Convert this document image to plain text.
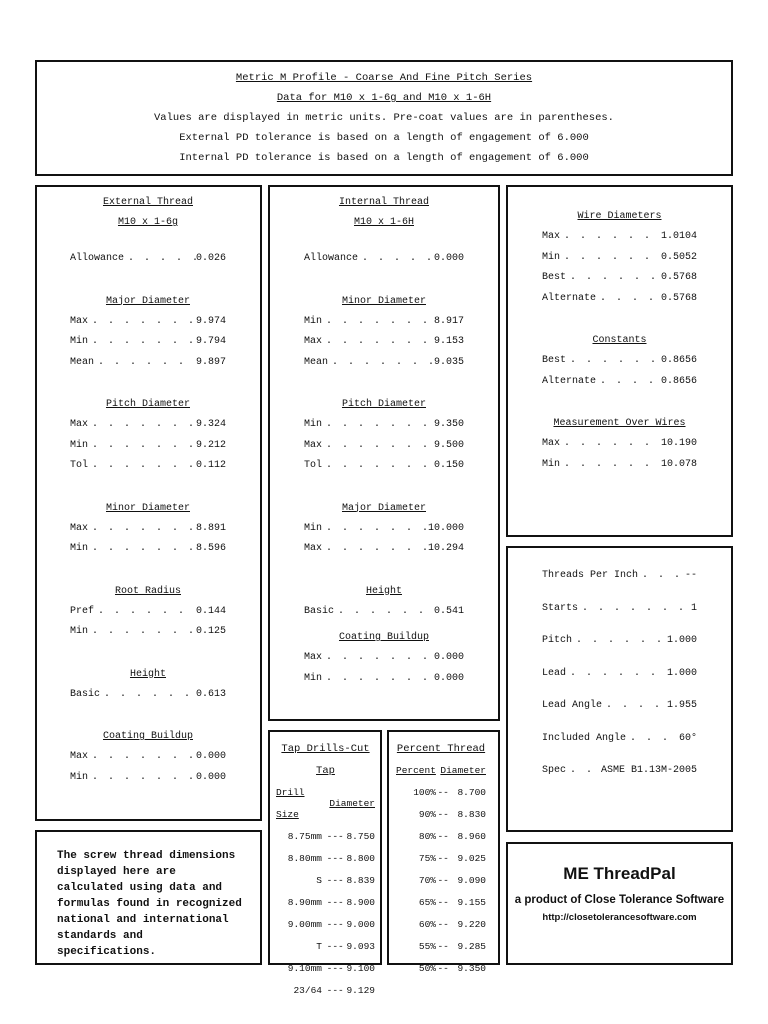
Metric M Profile - Coarse And Fine Pitch Series
Data for M10 x 1-6g and M10 x 1-6H
Values are displayed in metric units. Pre-coat values are in parentheses.
External PD tolerance is based on a length of engagement of 6.000
Internal PD tolerance is based on a length of engagement of 6.000
External Thread
M10 x 1-6g
Allowance . . .	0.026
Major Diameter
Max . . .	9.974
Min . . .	9.794
Mean . . .	9.897
Pitch Diameter
Max . . .	9.324
Min . . .	9.212
Tol . . .	0.112
Minor Diameter
Max . . .	8.891
Min . . .	8.596
Root Radius
Pref . . .	0.144
Min . . .	0.125
Height
Basic . . .	0.613
Coating Buildup
Max . . .	0.000
Min . . .	0.000
Internal Thread
M10 x 1-6H
Allowance . . .	0.000
Minor Diameter
Min . . .	8.917
Max . . .	9.153
Mean . . .	9.035
Pitch Diameter
Min . . .	9.350
Max . . .	9.500
Tol . . .	0.150
Major Diameter
Min . . .	10.000
Max . . .	10.294
Height
Basic . . .	0.541
Coating Buildup
Max . . .	0.000
Min . . .	0.000
Wire Diameters
Max . . .	1.0104
Min . . .	0.5052
Best . . .	0.5768
Alternate . . .	0.5768
Constants
Best . . .	0.8656
Alternate . . .	0.8656
Measurement Over Wires
Max . . .	10.190
Min . . .	10.078
Threads Per Inch . . .	--
Starts . . .	1
Pitch . . .	1.000
Lead . . .	1.000
Lead Angle . . .	1.955
Included Angle . . .	60°
Spec . . .	ASME B1.13M-2005
The screw thread dimensions displayed here are calculated using data and formulas found in recognized national and international standards and specifications.
Tap Drills-Cut Tap
Drill Size	Diameter	
8.75mm	---	8.750
8.80mm	---	8.800
S	---	8.839
8.90mm	---	8.900
9.00mm	---	9.000
T	---	9.093
9.10mm	---	9.100
23/64	---	9.129
Percent Thread
Percent	Diameter	
100%	--	8.700
90%	--	8.830
80%	--	8.960
75%	--	9.025
70%	--	9.090
65%	--	9.155
60%	--	9.220
55%	--	9.285
50%	--	9.350
ME ThreadPal
a product of Close Tolerance Software
http://closetolerancesoftware.com
